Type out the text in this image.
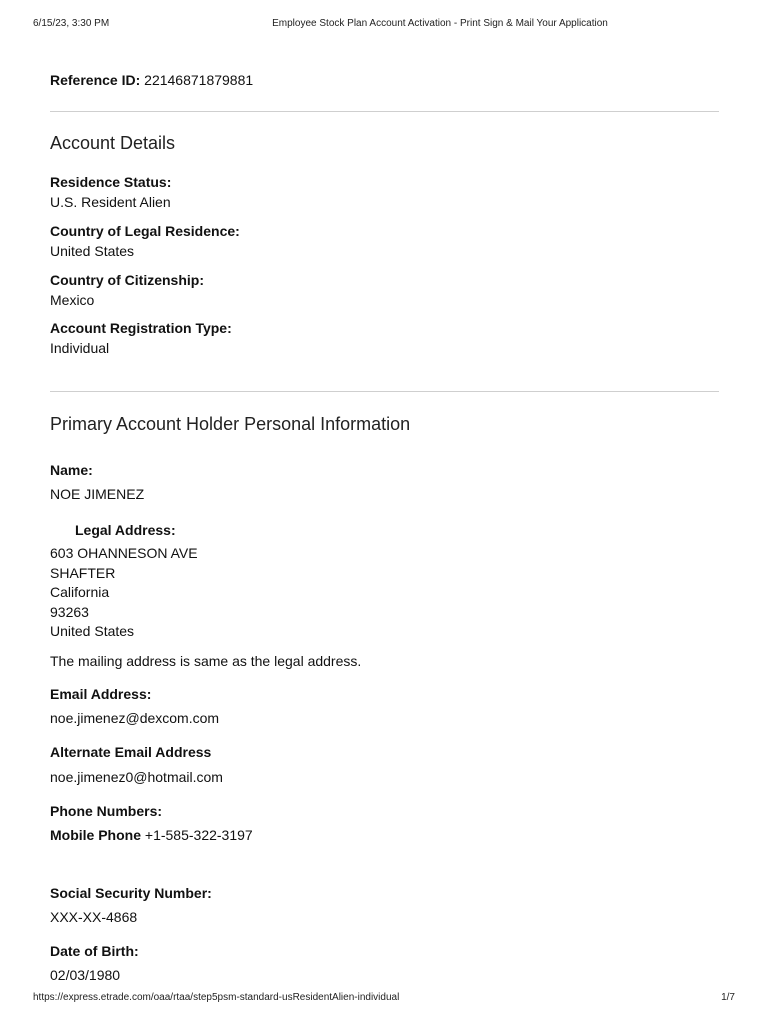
6/15/23, 3:30 PM	Employee Stock Plan Account Activation - Print Sign & Mail Your Application
Reference ID: 22146871879881
Account Details
Residence Status:
U.S. Resident Alien
Country of Legal Residence:
United States
Country of Citizenship:
Mexico
Account Registration Type:
Individual
Primary Account Holder Personal Information
Name:
NOE JIMENEZ
Legal Address:
603 OHANNESON AVE
SHAFTER
California
93263
United States
The mailing address is same as the legal address.
Email Address:
noe.jimenez@dexcom.com
Alternate Email Address
noe.jimenez0@hotmail.com
Phone Numbers:
Mobile Phone +1-585-322-3197
Social Security Number:
XXX-XX-4868
Date of Birth:
02/03/1980
https://express.etrade.com/oaa/rtaa/step5psm-standard-usResidentAlien-individual	1/7
